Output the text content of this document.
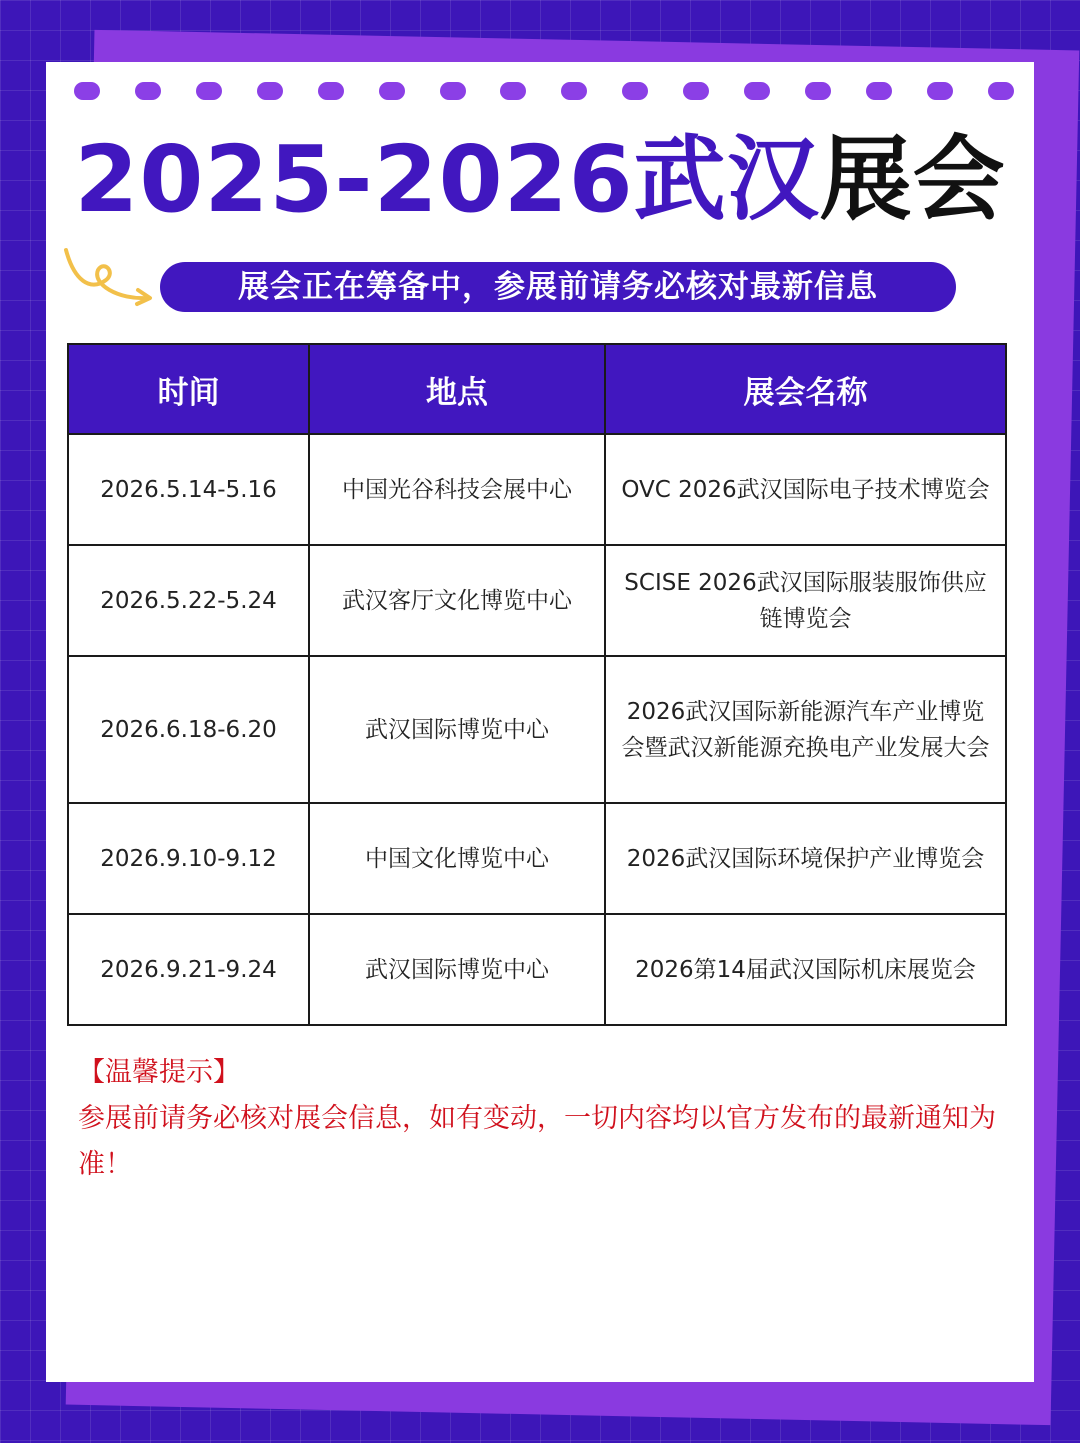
2025-2026武汉展会
展会正在筹备中，参展前请务必核对最新信息
时间	地点	展会名称
2026.5.14-5.16	中国光谷科技会展中心	OVC 2026武汉国际电子技术博览会
2026.5.22-5.24	武汉客厅文化博览中心	SCISE 2026武汉国际服装服饰供应链博览会
2026.6.18-6.20	武汉国际博览中心	2026武汉国际新能源汽车产业博览会暨武汉新能源充换电产业发展大会
2026.9.10-9.12	中国文化博览中心	2026武汉国际环境保护产业博览会
2026.9.21-9.24	武汉国际博览中心	2026第14届武汉国际机床展览会
【温馨提示】
参展前请务必核对展会信息，如有变动，一切内容均以官方发布的最新通知为准！
